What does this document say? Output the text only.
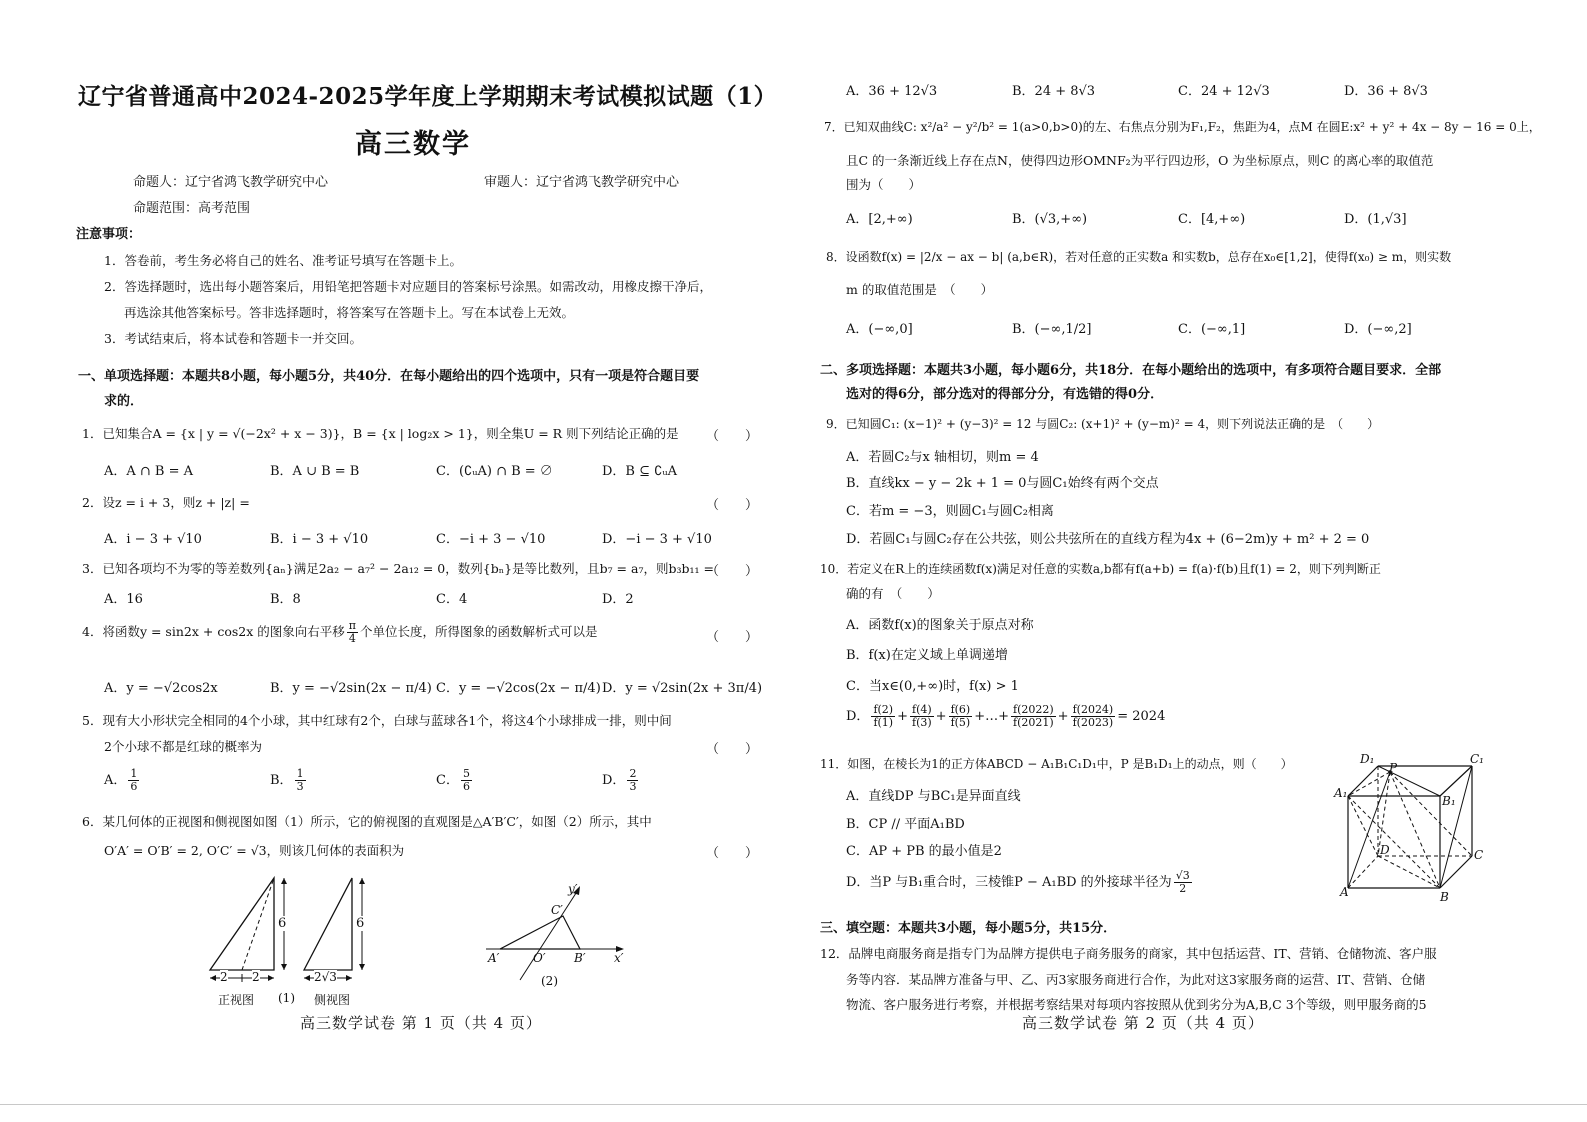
辽宁省普通高中2024-2025学年度上学期期末考试模拟试题（1）
高三数学
命题人：辽宁省鸿飞教学研究中心	审题人：辽宁省鸿飞教学研究中心
命题范围：高考范围
注意事项：
1．答卷前，考生务必将自己的姓名、准考证号填写在答题卡上。
2．答选择题时，选出每小题答案后，用铅笔把答题卡对应题目的答案标号涂黑。如需改动，用橡皮擦干净后，
再选涂其他答案标号。答非选择题时，将答案写在答题卡上。写在本试卷上无效。
3．考试结束后，将本试卷和答题卡一并交回。
一、单项选择题：本题共8小题，每小题5分，共40分．在每小题给出的四个选项中，只有一项是符合题目要
求的．
1．已知集合A = {x | y = √(−2x² + x − 3)}，B = {x | log₂x > 1}，则全集U = R 则下列结论正确的是 （　　）
A．A ∩ B = A	B．A ∪ B = B	C．(∁ᵤA) ∩ B = ∅	D．B ⊆ ∁ᵤA
2．设z = i + 3，则z + |z| =	（　　）
A．i − 3 + √10	B．i − 3 + √10	C．−i + 3 − √10	D．−i − 3 + √10
3．已知各项均不为零的等差数列{aₙ}满足2a₂ − a₇² − 2a₁₂ = 0，数列{bₙ}是等比数列，且b₇ = a₇，则b₃b₁₁ =
（　　）
A．16	B．8	C．4	D．2
4．将函数y = sin2x + cos2x 的图象向右平移 $\frac{\pi}{4}$ 个单位长度，所得图象的函数解析式可以是	（　　）
A．y = −√2cos2x	B．y = −√2sin(2x − π/4) C．y = −√2cos(2x − π/4) D．y = √2sin(2x + 3π/4)
5．现有大小形状完全相同的4个小球，其中红球有2个，白球与蓝球各1个，将这4个小球排成一排，则中间
2个小球不都是红球的概率为	（　　）
A． $\frac{1}{6}$	B． $\frac{1}{3}$	C． $\frac{5}{6}$	D． $\frac{2}{3}$
6．某几何体的正视图和侧视图如图（1）所示，它的俯视图的直观图是△A′B′C′，如图（2）所示，其中
O′A′ = O′B′ = 2, O′C′ = √3，则该几何体的表面积为	（　　）
6
2 2
6
2√3
正视图 (1) 侧视图
y′
x′
C′
A′	O′ B′
(2)
高三数学试卷 第 1 页（共 4 页）
A．36 + 12√3	B．24 + 8√3	C．24 + 12√3	D．36 + 8√3
7．已知双曲线C: x²/a² − y²/b² = 1(a>0,b>0)的左、右焦点分别为F₁,F₂，焦距为4，点M 在圆E:x² + y² + 4x − 8y − 16 = 0上，
且C 的一条渐近线上存在点N，使得四边形OMNF₂为平行四边形，O 为坐标原点，则C 的离心率的取值范
围为（　　）
A．[2,+∞)	B．(√3,+∞)	C．[4,+∞)	D．(1,√3]
8．设函数f(x) = |2/x − ax − b| (a,b∈R)，若对任意的正实数a 和实数b，总存在x₀∈[1,2]，使得f(x₀) ≥ m，则实数
m 的取值范围是　（　　）
A．(−∞,0]	B．(−∞,1/2]	C．(−∞,1]	D．(−∞,2]
二、多项选择题：本题共3小题，每小题6分，共18分．在每小题给出的选项中，有多项符合题目要求．全部
选对的得6分，部分选对的得部分分，有选错的得0分．
9．已知圆C₁: (x−1)² + (y−3)² = 12 与圆C₂: (x+1)² + (y−m)² = 4，则下列说法正确的是　（　　）
A．若圆C₂与x 轴相切，则m = 4
B．直线kx − y − 2k + 1 = 0与圆C₁始终有两个交点
C．若m = −3，则圆C₁与圆C₂相离
D．若圆C₁与圆C₂存在公共弦，则公共弦所在的直线方程为4x + (6−2m)y + m² + 2 = 0
10．若定义在R上的连续函数f(x)满足对任意的实数a,b都有f(a+b) = f(a)·f(b)且f(1) = 2，则下列判断正
确的有　（　　）
A．函数f(x)的图象关于原点对称
B．f(x)在定义域上单调递增
C．当x∈(0,+∞)时，f(x) > 1
D． $\frac{f(2)}{f(1)} + \frac{f(4)}{f(3)} + \frac{f(6)}{f(5)}$ +…+ $\frac{f(2022)}{f(2021)} + \frac{f(2024)}{f(2023)} = 2024$
11．如图，在棱长为1的正方体ABCD − A₁B₁C₁D₁中，P 是B₁D₁上的动点，则（　　）
A．直线DP 与BC₁是异面直线
B．CP // 平面A₁BD
C．AP + PB 的最小值是2
D．当P 与B₁重合时，三棱锥P − A₁BD 的外接球半径为 $\frac{√3}{2}$
D₁
P
C₁
A₁
B₁
D	C
A	B
三、填空题：本题共3小题，每小题5分，共15分．
12．品牌电商服务商是指专门为品牌方提供电子商务服务的商家，其中包括运营、IT、营销、仓储物流、客户服
务等内容．某品牌方准备与甲、乙、丙3家服务商进行合作，为此对这3家服务商的运营、IT、营销、仓储
物流、客户服务进行考察，并根据考察结果对每项内容按照从优到劣分为A,B,C 3个等级，则甲服务商的5
高三数学试卷 第 2 页（共 4 页）
